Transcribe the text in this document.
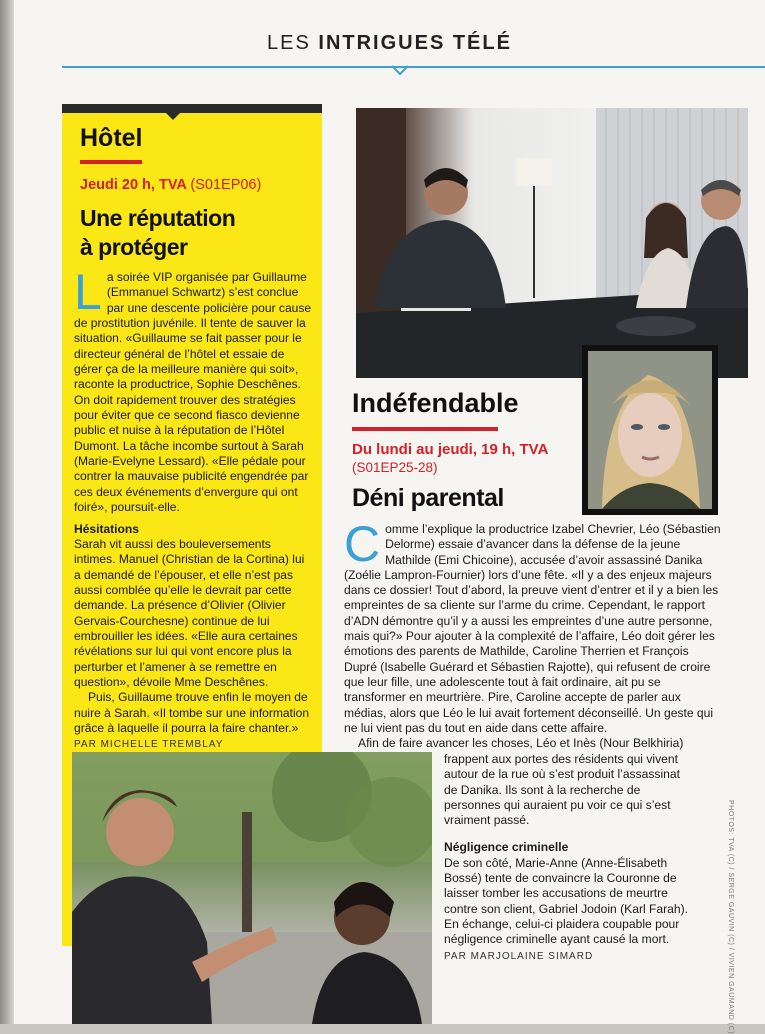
LES INTRIGUES TÉLÉ
Hôtel
Jeudi 20 h, TVA (S01EP06)
Une réputation
à protéger

La soirée VIP organisée par Guillaume (Emmanuel Schwartz) s’est conclue par une descente policière pour cause de prostitution juvénile. Il tente de sauver la situation. «Guillaume se fait passer pour le directeur général de l’hôtel et essaie de gérer ça de la meilleure manière qui soit», raconte la productrice, Sophie Deschênes. On doit rapidement trouver des stratégies pour éviter que ce second fiasco devienne public et nuise à la réputation de l’Hôtel Dumont. La tâche incombe surtout à Sarah (Marie-Evelyne Lessard). «Elle pédale pour contrer la mauvaise publicité engendrée par ces deux événements d’envergure qui ont foiré», poursuit-elle.

Hésitations

Sarah vit aussi des bouleversements intimes. Manuel (Christian de la Cortina) lui a demandé de l’épouser, et elle n’est pas aussi comblée qu’elle le devrait par cette demande. La présence d’Olivier (Olivier Gervais-Courchesne) continue de lui embrouiller les idées. «Elle aura certaines révélations sur lui qui vont encore plus la perturber et l’amener à se remettre en question», dévoile Mme Deschênes.

Puis, Guillaume trouve enfin le moyen de nuire à Sarah. «Il tombe sur une information grâce à laquelle il pourra la faire chanter.»

PAR MICHELLE TREMBLAY

Indéfendable
Du lundi au jeudi, 19 h, TVA
(S01EP25-28)
Déni parental

Comme l’explique la productrice Izabel Chevrier, Léo (Sébastien Delorme) essaie d’avancer dans la défense de la jeune Mathilde (Emi Chicoine), accusée d’avoir assassiné Danika (Zoélie Lampron-Fournier) lors d’une fête. «Il y a des enjeux majeurs dans ce dossier! Tout d’abord, la preuve vient d’entrer et il y a bien les empreintes de sa cliente sur l’arme du crime. Cependant, le rapport d’ADN démontre qu’il y a aussi les empreintes d’une autre personne, mais qui?» Pour ajouter à la complexité de l’affaire, Léo doit gérer les émotions des parents de Mathilde, Caroline Therrien et François Dupré (Isabelle Guérard et Sébastien Rajotte), qui refusent de croire que leur fille, une adolescente tout à fait ordinaire, ait pu se transformer en meurtrière. Pire, Caroline accepte de parler aux médias, alors que Léo le lui avait fortement déconseillé. Un geste qui ne lui vient pas du tout en aide dans cette affaire.

Afin de faire avancer les choses, Léo et Inès (Nour Belkhiria)

frappent aux portes des résidents qui vivent autour de la rue où s’est produit l’assassinat de Danika. Ils sont à la recherche de personnes qui auraient pu voir ce qui s’est vraiment passé.

Négligence criminelle

De son côté, Marie-Anne (Anne-Élisabeth Bossé) tente de convaincre la Couronne de laisser tomber les accusations de meurtre contre son client, Gabriel Jodoin (Karl Farah). En échange, celui-ci plaidera coupable pour négligence criminelle ayant causé la mort.

PAR MARJOLAINE SIMARD	PHOTOS: TVA (C) / SERGE GAUVIN (C) / VIVIEN GAUMAND (C)
